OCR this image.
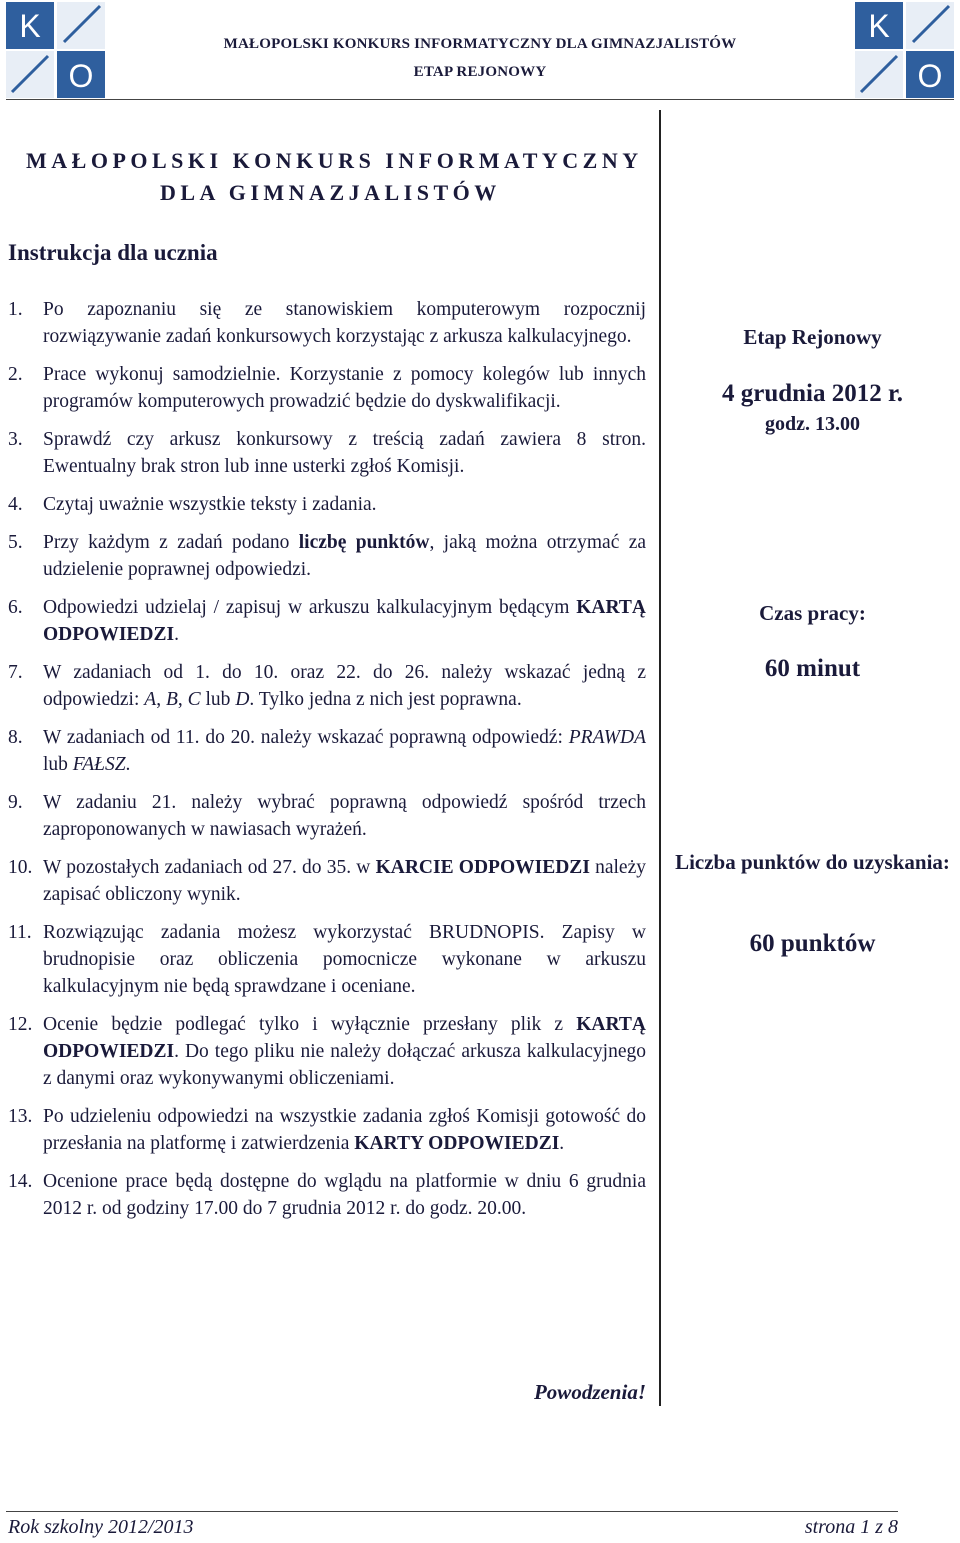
K
O
K
O
MAŁOPOLSKI KONKURS INFORMATYCZNY DLA GIMNAZJALISTÓW
ETAP REJONOWY
MAŁOPOLSKI KONKURS INFORMATYCZNY
DLA GIMNAZJALISTÓW
Instrukcja dla ucznia
1. Po zapoznaniu się ze stanowiskiem komputerowym rozpocznij rozwiązywanie zadań konkursowych korzystając z arkusza kalkulacyjnego.
2. Prace wykonuj samodzielnie. Korzystanie z pomocy kolegów lub innych programów komputerowych prowadzić będzie do dyskwalifikacji.
3. Sprawdź czy arkusz konkursowy z treścią zadań zawiera 8 stron. Ewentualny brak stron lub inne usterki zgłoś Komisji.
4. Czytaj uważnie wszystkie teksty i zadania.
5. Przy każdym z zadań podano liczbę punktów, jaką można otrzymać za udzielenie poprawnej odpowiedzi.
6. Odpowiedzi udzielaj / zapisuj w arkuszu kalkulacyjnym będącym KARTĄ ODPOWIEDZI.
7. W zadaniach od 1. do 10. oraz 22. do 26. należy wskazać jedną z odpowiedzi: A, B, C lub D. Tylko jedna z nich jest poprawna.
8. W zadaniach od 11. do 20. należy wskazać poprawną odpowiedź: PRAWDA lub FAŁSZ.
9. W zadaniu 21. należy wybrać poprawną odpowiedź spośród trzech zaproponowanych w nawiasach wyrażeń.
10. W pozostałych zadaniach od 27. do 35. w KARCIE ODPOWIEDZI należy zapisać obliczony wynik.
11. Rozwiązując zadania możesz wykorzystać BRUDNOPIS. Zapisy w brudnopisie oraz obliczenia pomocnicze wykonane w arkuszu kalkulacyjnym nie będą sprawdzane i oceniane.
12. Ocenie będzie podlegać tylko i wyłącznie przesłany plik z KARTĄ ODPOWIEDZI. Do tego pliku nie należy dołączać arkusza kalkulacyjnego z danymi oraz wykonywanymi obliczeniami.
13. Po udzieleniu odpowiedzi na wszystkie zadania zgłoś Komisji gotowość do przesłania na platformę i zatwierdzenia KARTY ODPOWIEDZI.
14. Ocenione prace będą dostępne do wglądu na platformie w dniu 6 grudnia 2012 r. od godziny 17.00 do 7 grudnia 2012 r. do godz. 20.00.
Powodzenia!
Etap Rejonowy
4 grudnia 2012 r.
godz. 13.00
Czas pracy:
60 minut
Liczba punktów do uzyskania:
60 punktów
Rok szkolny 2012/2013	strona 1 z 8
